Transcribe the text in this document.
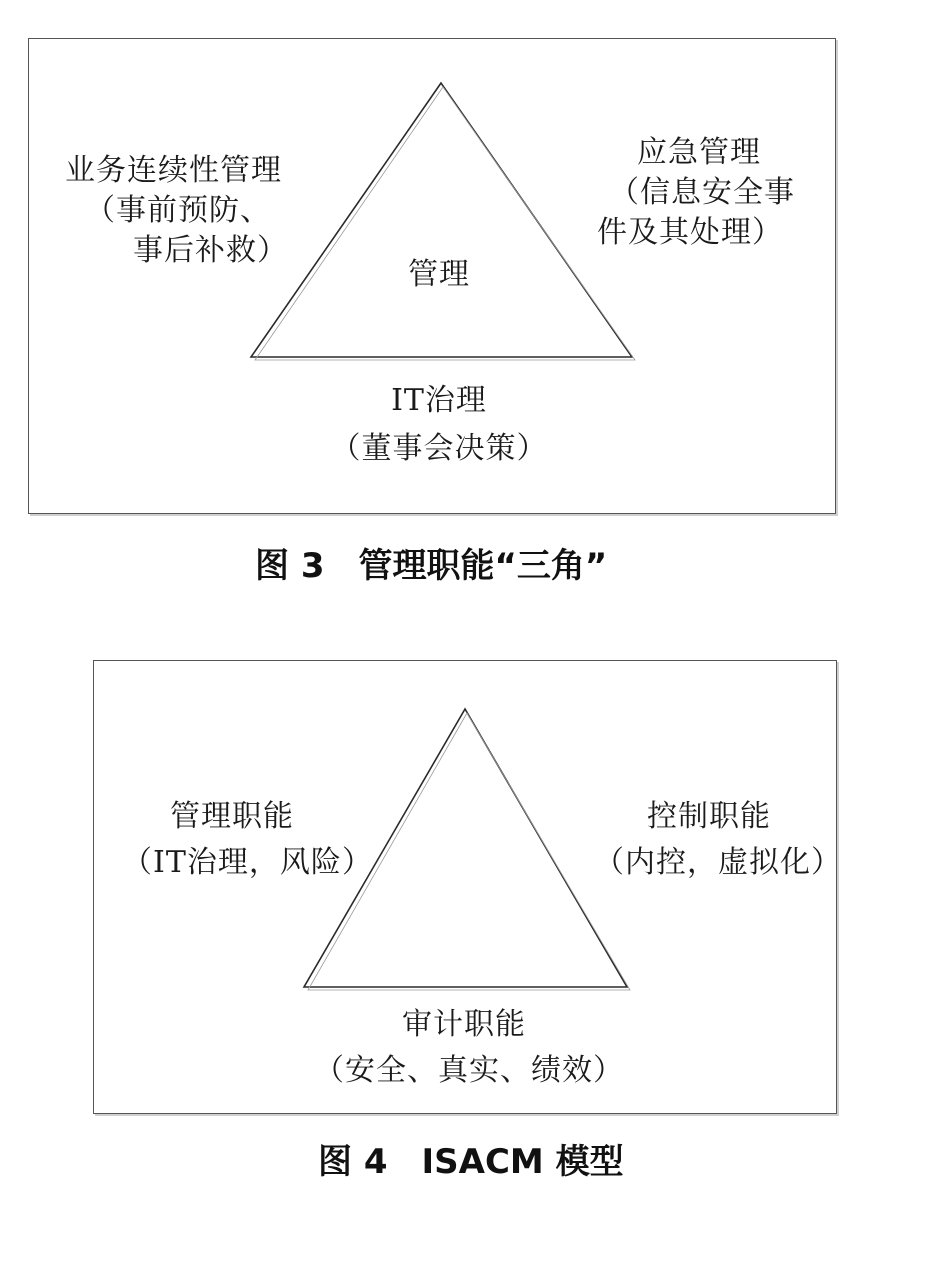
管理
业务连续性管理
（事前预防、
事后补救）
应急管理
（信息安全事
件及其处理）
IT治理
（董事会决策）
图 3 管理职能“三角”
管理职能
（IT治理，风险）
控制职能
（内控，虚拟化）
审计职能
（安全、真实、绩效）
图 4 ISACM 模型
